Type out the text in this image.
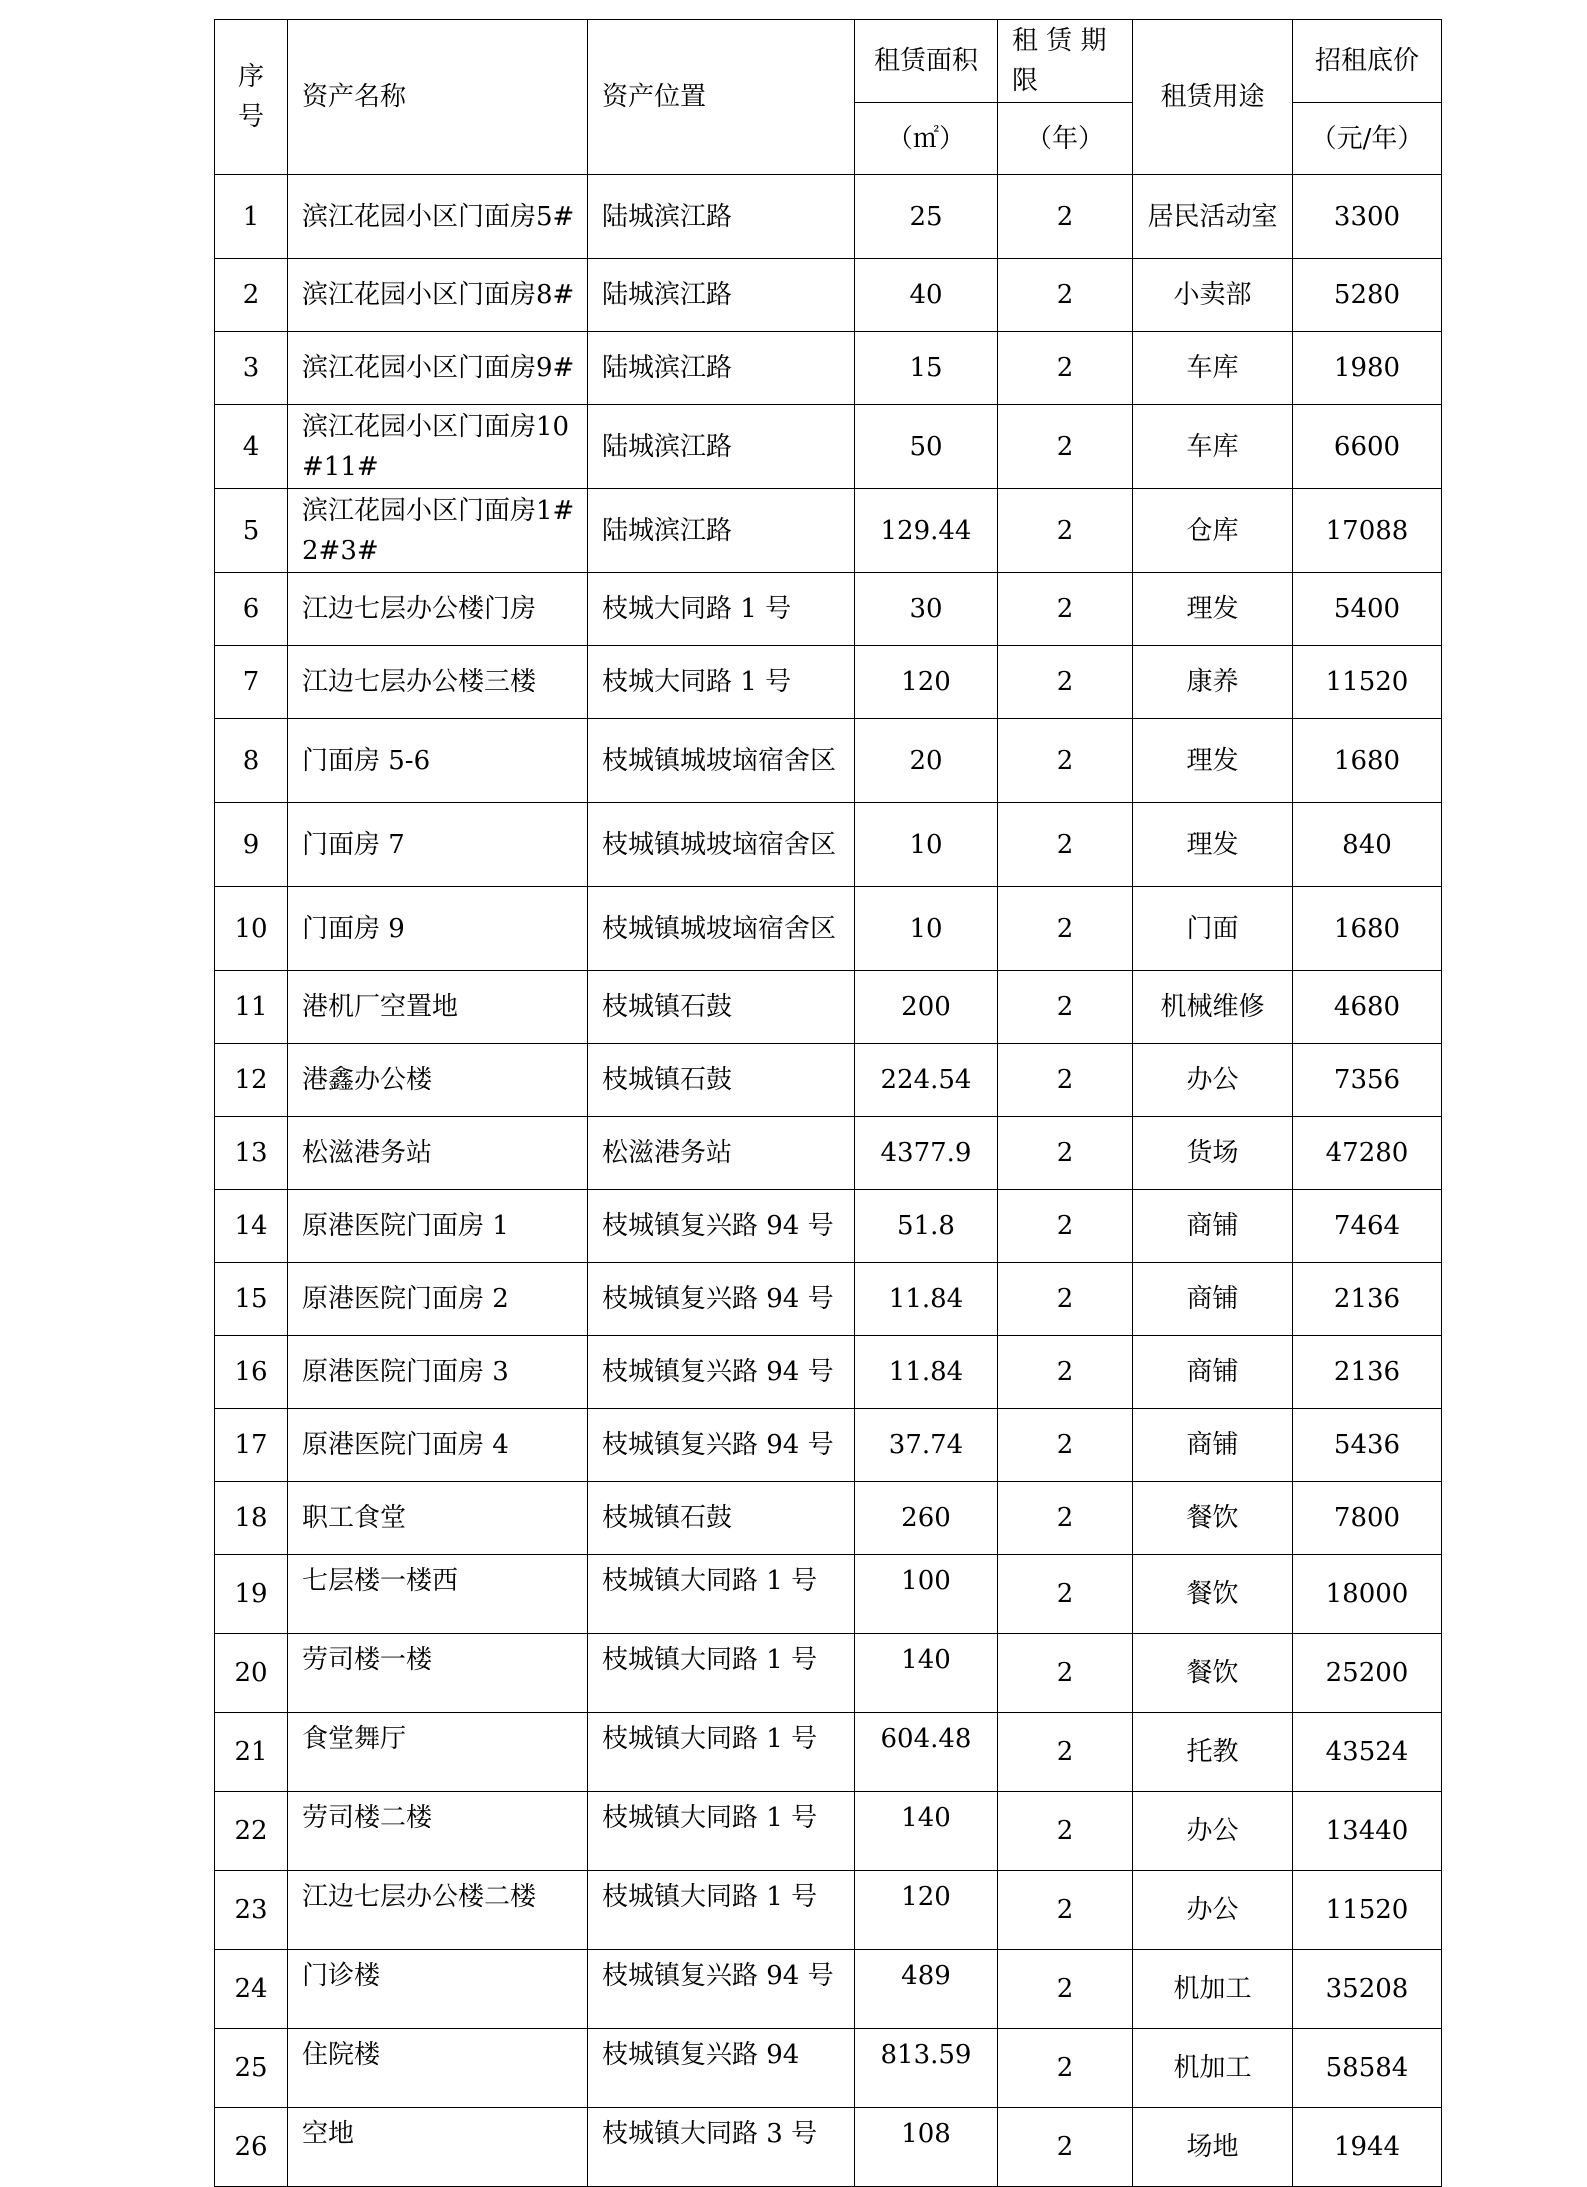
序
号	资产名称	资产位置	租赁面积	租 赁 期限	租赁用途	招租底价
			（㎡）	（年）		（元/年）
1	滨江花园小区门面房5#	陆城滨江路	25	2	居民活动室	3300
2	滨江花园小区门面房8#	陆城滨江路	40	2	小卖部	5280
3	滨江花园小区门面房9#	陆城滨江路	15	2	车库	1980
4	滨江花园小区门面房10#11#	陆城滨江路	50	2	车库	6600
5	滨江花园小区门面房1#2#3#	陆城滨江路	129.44	2	仓库	17088
6	江边七层办公楼门房	枝城大同路 1 号	30	2	理发	5400
7	江边七层办公楼三楼	枝城大同路 1 号	120	2	康养	11520
8	门面房 5-6	枝城镇城坡垴宿舍区	20	2	理发	1680
9	门面房 7	枝城镇城坡垴宿舍区	10	2	理发	840
10	门面房 9	枝城镇城坡垴宿舍区	10	2	门面	1680
11	港机厂空置地	枝城镇石鼓	200	2	机械维修	4680
12	港鑫办公楼	枝城镇石鼓	224.54	2	办公	7356
13	松滋港务站	松滋港务站	4377.9	2	货场	47280
14	原港医院门面房 1	枝城镇复兴路 94 号	51.8	2	商铺	7464
15	原港医院门面房 2	枝城镇复兴路 94 号	11.84	2	商铺	2136
16	原港医院门面房 3	枝城镇复兴路 94 号	11.84	2	商铺	2136
17	原港医院门面房 4	枝城镇复兴路 94 号	37.74	2	商铺	5436
18	职工食堂	枝城镇石鼓	260	2	餐饮	7800
19	七层楼一楼西	枝城镇大同路 1 号	100	2	餐饮	18000
20	劳司楼一楼	枝城镇大同路 1 号	140	2	餐饮	25200
21	食堂舞厅	枝城镇大同路 1 号	604.48	2	托教	43524
22	劳司楼二楼	枝城镇大同路 1 号	140	2	办公	13440
23	江边七层办公楼二楼	枝城镇大同路 1 号	120	2	办公	11520
24	门诊楼	枝城镇复兴路 94 号	489	2	机加工	35208
25	住院楼	枝城镇复兴路 94	813.59	2	机加工	58584
26	空地	枝城镇大同路 3 号	108	2	场地	1944
